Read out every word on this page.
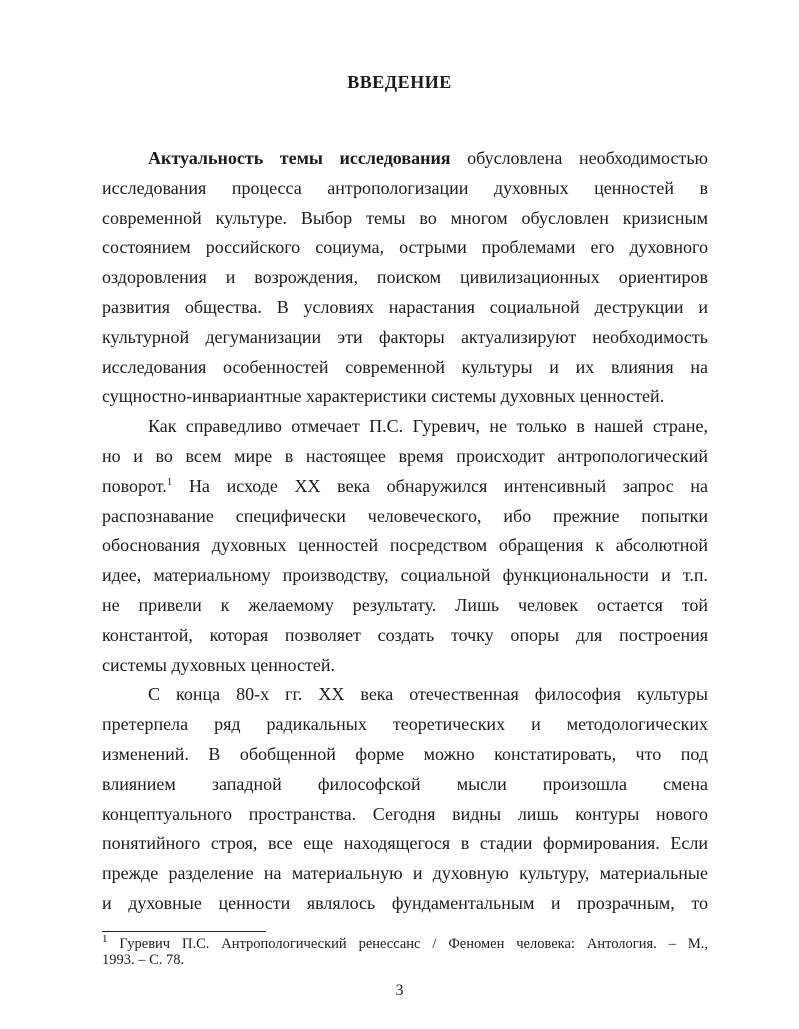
ВВЕДЕНИЕ
Актуальность темы исследования обусловлена необходимостью
исследования процесса антропологизации духовных ценностей в
современной культуре. Выбор темы во многом обусловлен кризисным
состоянием российского социума, острыми проблемами его духовного
оздоровления и возрождения, поиском цивилизационных ориентиров
развития общества. В условиях нарастания социальной деструкции и
культурной дегуманизации эти факторы актуализируют необходимость
исследования особенностей современной культуры и их влияния на
сущностно-инвариантные характеристики системы духовных ценностей.
Как справедливо отмечает П.С. Гуревич, не только в нашей стране,
но и во всем мире в настоящее время происходит антропологический
поворот.$^1$ На исходе XX века обнаружился интенсивный запрос на
распознавание специфически человеческого, ибо прежние попытки
обоснования духовных ценностей посредством обращения к абсолютной
идее, материальному производству, социальной функциональности и т.п.
не привели к желаемому результату. Лишь человек остается той
константой, которая позволяет создать точку опоры для построения
системы духовных ценностей.
С конца 80-х гг. XX века отечественная философия культуры
претерпела ряд радикальных теоретических и методологических
изменений. В обобщенной форме можно констатировать, что под
влиянием западной философской мысли произошла смена
концептуального пространства. Сегодня видны лишь контуры нового
понятийного строя, все еще находящегося в стадии формирования. Если
прежде разделение на материальную и духовную культуру, материальные
и духовные ценности являлось фундаментальным и прозрачным, то
$^1$ Гуревич П.С. Антропологический ренессанс / Феномен человека: Антология. – М.,
1993. – С. 78.
3
